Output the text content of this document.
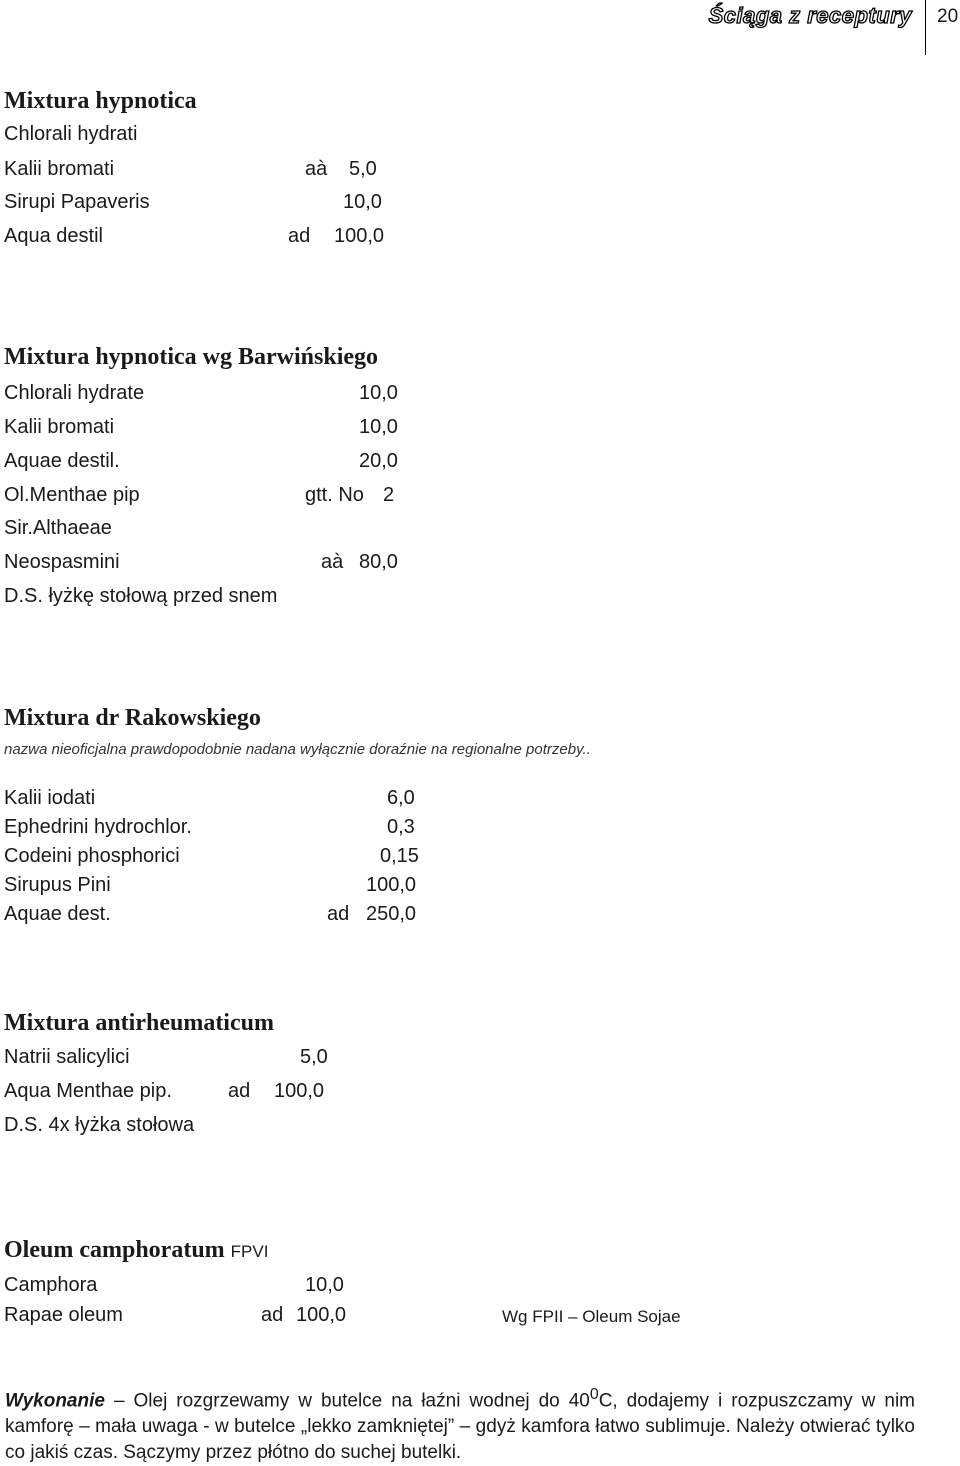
Ściąga z receptury 20
Mixtura hypnotica
Chlorali hydrati
Kalii bromati	aà 5,0
Sirupi Papaveris	10,0
Aqua destil	ad 100,0
Mixtura hypnotica wg Barwińskiego
Chlorali hydrate	10,0
Kalii bromati	10,0
Aquae destil.	20,0
Ol.Menthae pip	gtt. No 2
Sir.Althaeae
Neospasmini	aà 80,0
D.S. łyżkę stołową przed snem
Mixtura dr Rakowskiego
nazwa nieoficjalna prawdopodobnie nadana wyłącznie doraźnie na regionalne potrzeby..
Kalii iodati	6,0
Ephedrini hydrochlor.	0,3
Codeini phosphorici	0,15
Sirupus Pini	100,0
Aquae dest.	ad 250,0
Mixtura antirheumaticum
Natrii salicylici	5,0
Aqua Menthae pip.	ad 100,0
D.S. 4x łyżka stołowa
Oleum camphoratum FPVI
Camphora	10,0
Rapae oleum	ad 100,0	Wg FPII – Oleum Sojae
Wykonanie – Olej rozgrzewamy w butelce na łaźni wodnej do $40^0C$, dodajemy i rozpuszczamy w nim kamforę – mała uwaga - w butelce „lekko zamkniętej” – gdyż kamfora łatwo sublimuje. Należy otwierać tylko co jakiś czas. Sączymy przez płótno do suchej butelki.
